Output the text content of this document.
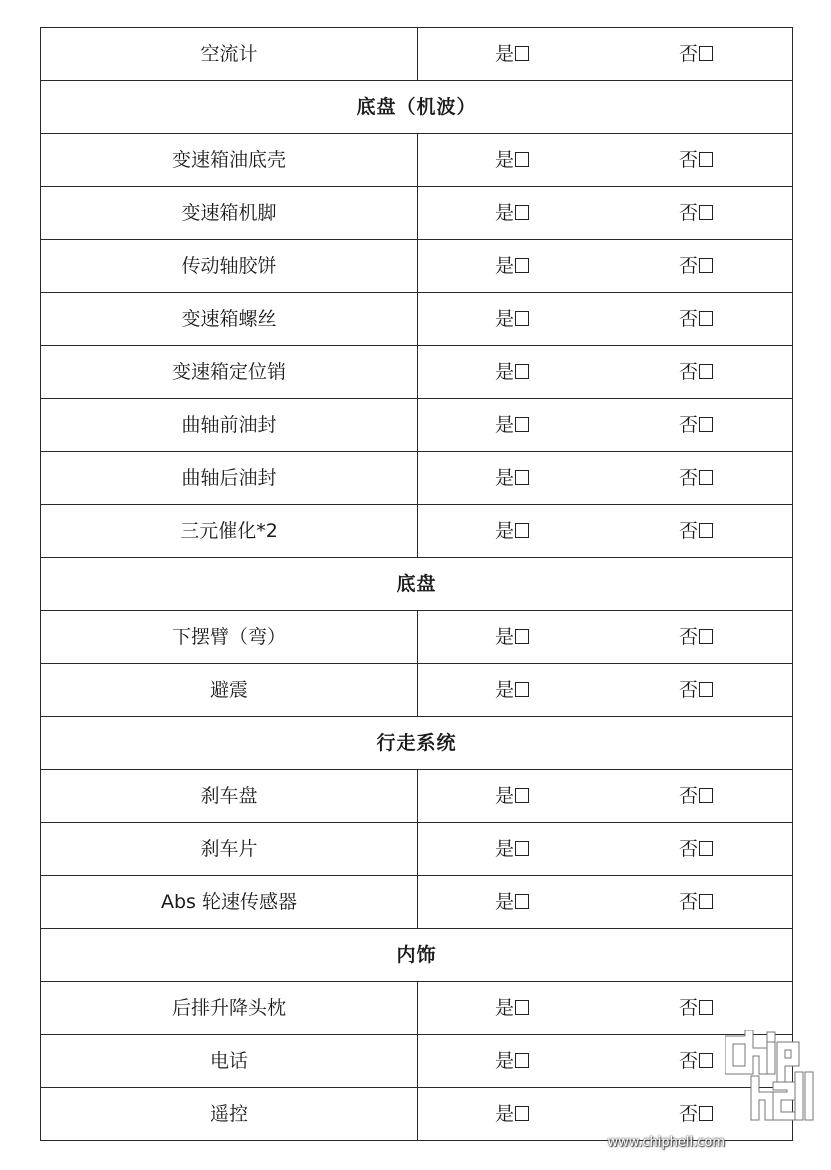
空流计	是 否

底盘（机波）	
变速箱油底壳	是 否

变速箱机脚	是 否

传动轴胶饼	是 否

变速箱螺丝	是 否

变速箱定位销	是 否

曲轴前油封	是 否

曲轴后油封	是 否

三元催化*2	是 否

底盘	
下摆臂（弯）	是 否

避震	是 否

行走系统	
刹车盘	是 否

刹车片	是 否

Abs 轮速传感器	是 否

内饰	
后排升降头枕	是 否

电话	是 否

遥控	是 否
www.chiphell.com
